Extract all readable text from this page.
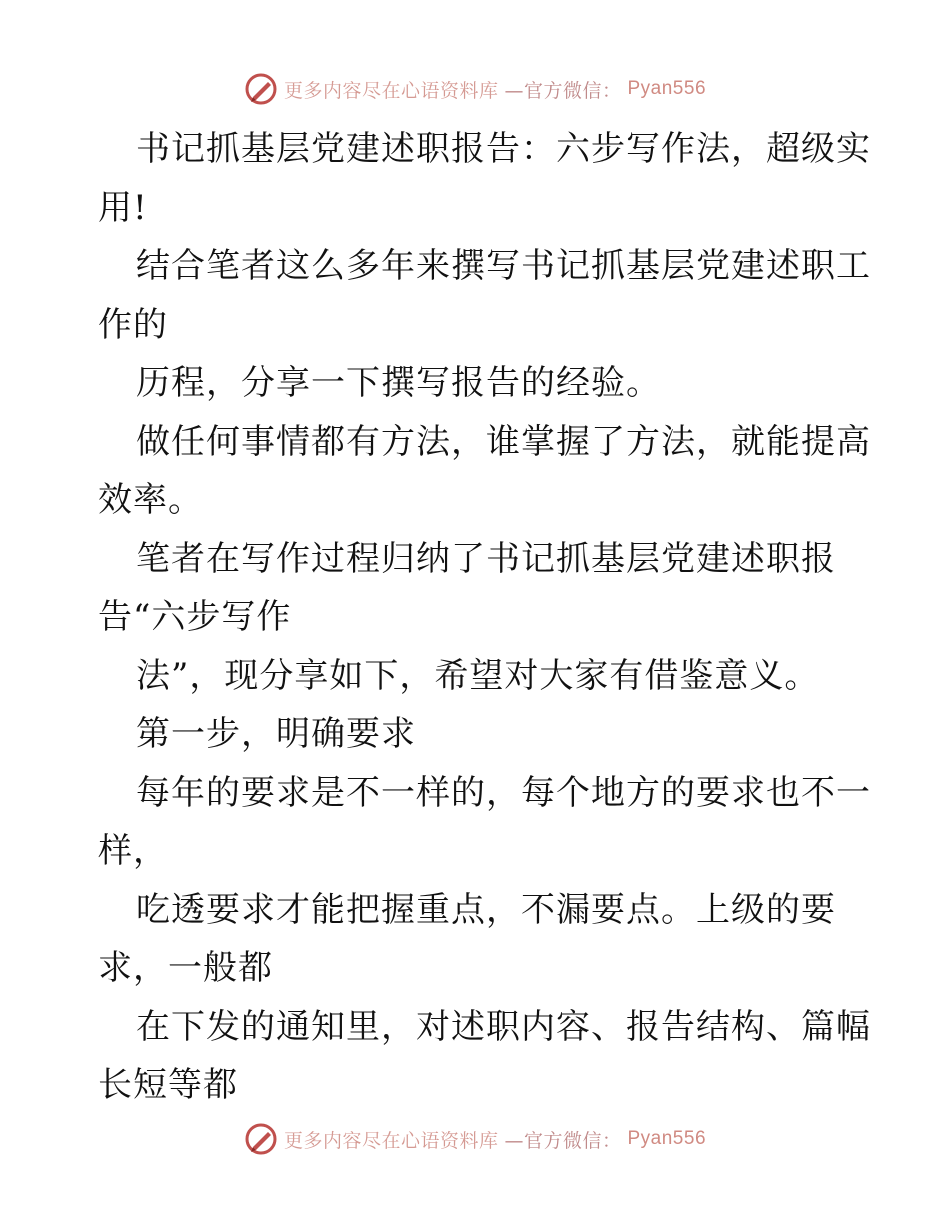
更多内容尽在心语资料库 —官方微信： Pyan556
书记抓基层党建述职报告：六步写作法，超级实
用!
结合笔者这么多年来撰写书记抓基层党建述职工
作的
历程，分享一下撰写报告的经验。
做任何事情都有方法，谁掌握了方法，就能提高
效率。
笔者在写作过程归纳了书记抓基层党建述职报
告“六步写作
法”，现分享如下，希望对大家有借鉴意义。
第一步，明确要求
每年的要求是不一样的，每个地方的要求也不一
样，
吃透要求才能把握重点，不漏要点。上级的要
求，一般都
在下发的通知里，对述职内容、报告结构、篇幅
长短等都
更多内容尽在心语资料库 —官方微信： Pyan556
